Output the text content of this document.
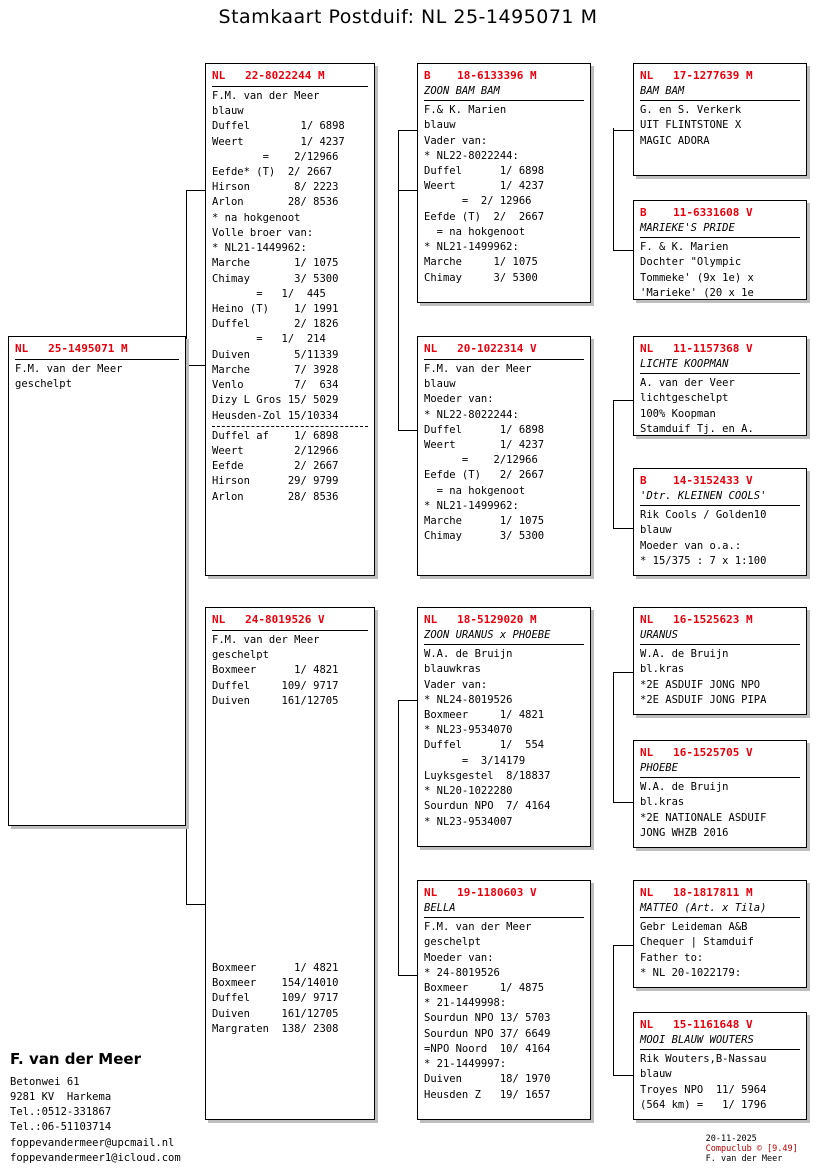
Stamkaart Postduif: NL 25-1495071 M
NL   25-1495071 M
F.M. van der Meer
geschelpt
NL   22-8022244 M
F.M. van der Meer
blauw
Duffel        1/ 6898
Weert         1/ 4237
=    2/12966
Eefde* (T)  2/ 2667
Hirson       8/ 2223
Arlon       28/ 8536
* na hokgenoot
Volle broer van:
* NL21-1449962:
Marche       1/ 1075
Chimay       3/ 5300
=   1/  445
Heino (T)    1/ 1991
Duffel       2/ 1826
=   1/  214
Duiven       5/11339
Marche       7/ 3928
Venlo        7/  634
Dizy L Gros 15/ 5029
Heusden-Zol 15/10334
Duffel af    1/ 6898
Weert        2/12966
Eefde        2/ 2667
Hirson      29/ 9799
Arlon       28/ 8536
NL   24-8019526 V
F.M. van der Meer
geschelpt
Boxmeer      1/ 4821
Duffel     109/ 9717
Duiven     161/12705
Boxmeer      1/ 4821
Boxmeer    154/14010
Duffel     109/ 9717
Duiven     161/12705
Margraten  138/ 2308
B    18-6133396 M
ZOON BAM BAM
F.& K. Marien
blauw
Vader van:
* NL22-8022244:
Duffel      1/ 6898
Weert       1/ 4237
=  2/ 12966
Eefde (T)  2/  2667
= na hokgenoot
* NL21-1499962:
Marche     1/ 1075
Chimay     3/ 5300
NL   20-1022314 V
F.M. van der Meer
blauw
Moeder van:
* NL22-8022244:
Duffel      1/ 6898
Weert       1/ 4237
=    2/12966
Eefde (T)   2/ 2667
= na hokgenoot
* NL21-1499962:
Marche      1/ 1075
Chimay      3/ 5300
NL   18-5129020 M
ZOON URANUS x PHOEBE
W.A. de Bruijn
blauwkras
Vader van:
* NL24-8019526
Boxmeer     1/ 4821
* NL23-9534070
Duffel      1/  554
=  3/14179
Luyksgestel  8/18837
* NL20-1022280
Sourdun NPO  7/ 4164
* NL23-9534007
NL   19-1180603 V
BELLA
F.M. van der Meer
geschelpt
Moeder van:
* 24-8019526
Boxmeer     1/ 4875
* 21-1449998:
Sourdun NPO 13/ 5703
Sourdun NPO 37/ 6649
=NPO Noord  10/ 4164
* 21-1449997:
Duiven      18/ 1970
Heusden Z   19/ 1657
NL   17-1277639 M
BAM BAM
G. en S. Verkerk
UIT FLINTSTONE X
MAGIC ADORA
B    11-6331608 V
MARIEKE'S PRIDE
F. & K. Marien
Dochter "Olympic
Tommeke' (9x 1e) x
'Marieke' (20 x 1e
NL   11-1157368 V
LICHTE KOOPMAN
A. van der Veer
lichtgeschelpt
100% Koopman
Stamduif Tj. en A.
B    14-3152433 V
'Dtr. KLEINEN COOLS'
Rik Cools / Golden10
blauw
Moeder van o.a.:
* 15/375 : 7 x 1:100
NL   16-1525623 M
URANUS
W.A. de Bruijn
bl.kras
*2E ASDUIF JONG NPO
*2E ASDUIF JONG PIPA
NL   16-1525705 V
PHOEBE
W.A. de Bruijn
bl.kras
*2E NATIONALE ASDUIF
JONG WHZB 2016
NL   18-1817811 M
MATTEO (Art. x Tila)
Gebr Leideman A&B
Chequer | Stamduif
Father to:
* NL 20-1022179:
NL   15-1161648 V
MOOI BLAUW WOUTERS
Rik Wouters,B-Nassau
blauw
Troyes NPO  11/ 5964
(564 km) =   1/ 1796
F. van der Meer
Betonwei 61
9281 KV  Harkema
Tel.:0512-331867
Tel.:06-51103714
foppevandermeer@upcmail.nl
foppevandermeer1@icloud.com

20-11-2025
Compuclub © [9.49]
F. van der Meer
